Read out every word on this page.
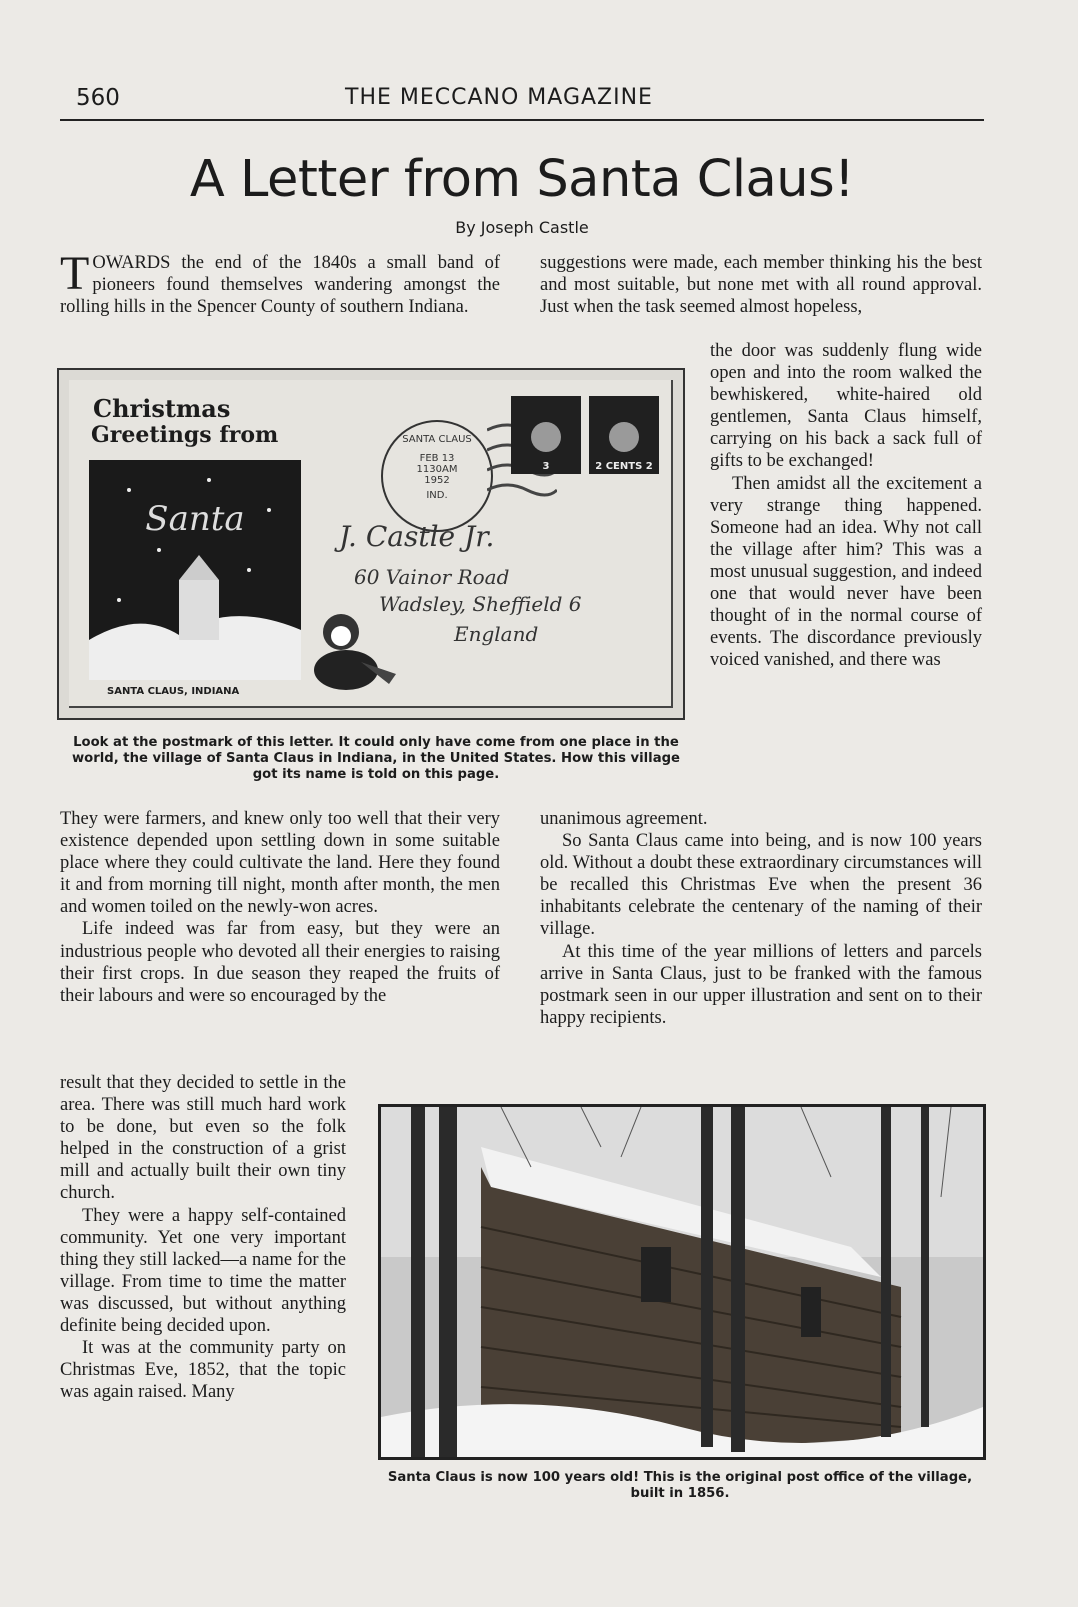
560	THE MECCANO MAGAZINE
A Letter from Santa Claus!
By Joseph Castle

TOWARDS the end of the 1840s a small band of pioneers found themselves wandering amongst the rolling hills in the Spencer County of southern Indiana.

suggestions were made, each member thinking his the best and most suitable, but none met with all round approval. Just when the task seemed almost hopeless,

the door was suddenly flung wide open and into the room walked the bewhiskered, white-haired old gentlemen, Santa Claus himself, carrying on his back a sack full of gifts to be exchanged!

Then amidst all the excitement a very strange thing happened. Someone had an idea. Why not call the village after him? This was a most unusual suggestion, and indeed one that would never have been thought of in the normal course of events. The discordance previously voiced vanished, and there was

Christmas
Greetings from
Santa
SANTA CLAUS, INDIANA
SANTA CLAUS
FEB 13
1130AM
1952
IND.
3	2 CENTS 2
J. Castle Jr.
60 Vainor Road
Wadsley, Sheffield 6
England
Look at the postmark of this letter. It could only have come from one place in the world, the village of Santa Claus in Indiana, in the United States. How this village got its name is told on this page.

They were farmers, and knew only too well that their very existence depended upon settling down in some suitable place where they could cultivate the land. Here they found it and from morning till night, month after month, the men and women toiled on the newly-won acres.

Life indeed was far from easy, but they were an industrious people who devoted all their energies to raising their first crops. In due season they reaped the fruits of their labours and were so encouraged by the

result that they decided to settle in the area. There was still much hard work to be done, but even so the folk helped in the construction of a grist mill and actually built their own tiny church.

They were a happy self-contained community. Yet one very important thing they still lacked—a name for the village. From time to time the matter was discussed, but without anything definite being decided upon.

It was at the community party on Christmas Eve, 1852, that the topic was again raised. Many

unanimous agreement.

So Santa Claus came into being, and is now 100 years old. Without a doubt these extraordinary circumstances will be recalled this Christmas Eve when the present 36 inhabitants celebrate the centenary of the naming of their village.

At this time of the year millions of letters and parcels arrive in Santa Claus, just to be franked with the famous postmark seen in our upper illustration and sent on to their happy recipients.

Santa Claus is now 100 years old! This is the original post office of the village, built in 1856.
